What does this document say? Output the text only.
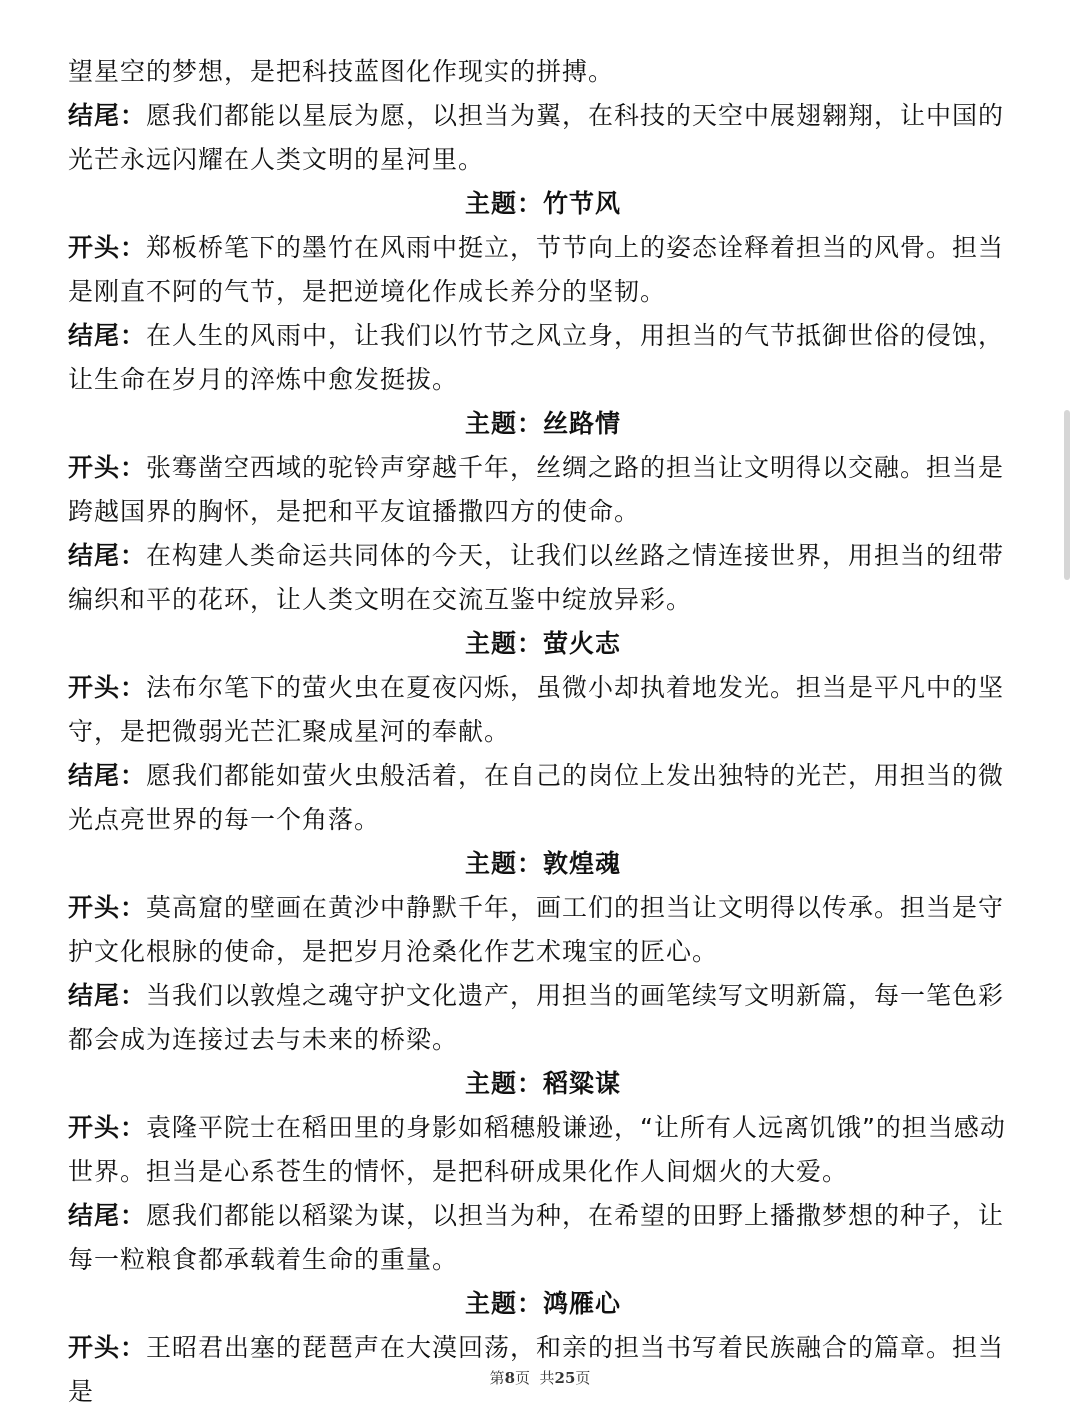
望星空的梦想，是把科技蓝图化作现实的拼搏。

结尾：愿我们都能以星辰为愿，以担当为翼，在科技的天空中展翅翱翔，让中国的光芒永远闪耀在人类文明的星河里。

主题：竹节风

开头：郑板桥笔下的墨竹在风雨中挺立，节节向上的姿态诠释着担当的风骨。担当是刚直不阿的气节，是把逆境化作成长养分的坚韧。

结尾：在人生的风雨中，让我们以竹节之风立身，用担当的气节抵御世俗的侵蚀，让生命在岁月的淬炼中愈发挺拔。

主题：丝路情

开头：张骞凿空西域的驼铃声穿越千年，丝绸之路的担当让文明得以交融。担当是跨越国界的胸怀，是把和平友谊播撒四方的使命。

结尾：在构建人类命运共同体的今天，让我们以丝路之情连接世界，用担当的纽带编织和平的花环，让人类文明在交流互鉴中绽放异彩。

主题：萤火志

开头：法布尔笔下的萤火虫在夏夜闪烁，虽微小却执着地发光。担当是平凡中的坚守，是把微弱光芒汇聚成星河的奉献。

结尾：愿我们都能如萤火虫般活着，在自己的岗位上发出独特的光芒，用担当的微光点亮世界的每一个角落。

主题：敦煌魂

开头：莫高窟的壁画在黄沙中静默千年，画工们的担当让文明得以传承。担当是守护文化根脉的使命，是把岁月沧桑化作艺术瑰宝的匠心。

结尾：当我们以敦煌之魂守护文化遗产，用担当的画笔续写文明新篇，每一笔色彩都会成为连接过去与未来的桥梁。

主题：稻粱谋

开头：袁隆平院士在稻田里的身影如稻穗般谦逊，“让所有人远离饥饿”的担当感动世界。担当是心系苍生的情怀，是把科研成果化作人间烟火的大爱。

结尾：愿我们都能以稻粱为谋，以担当为种，在希望的田野上播撒梦想的种子，让每一粒粮食都承载着生命的重量。

主题：鸿雁心

开头：王昭君出塞的琵琶声在大漠回荡，和亲的担当书写着民族融合的篇章。担当是	第8页  共25页
